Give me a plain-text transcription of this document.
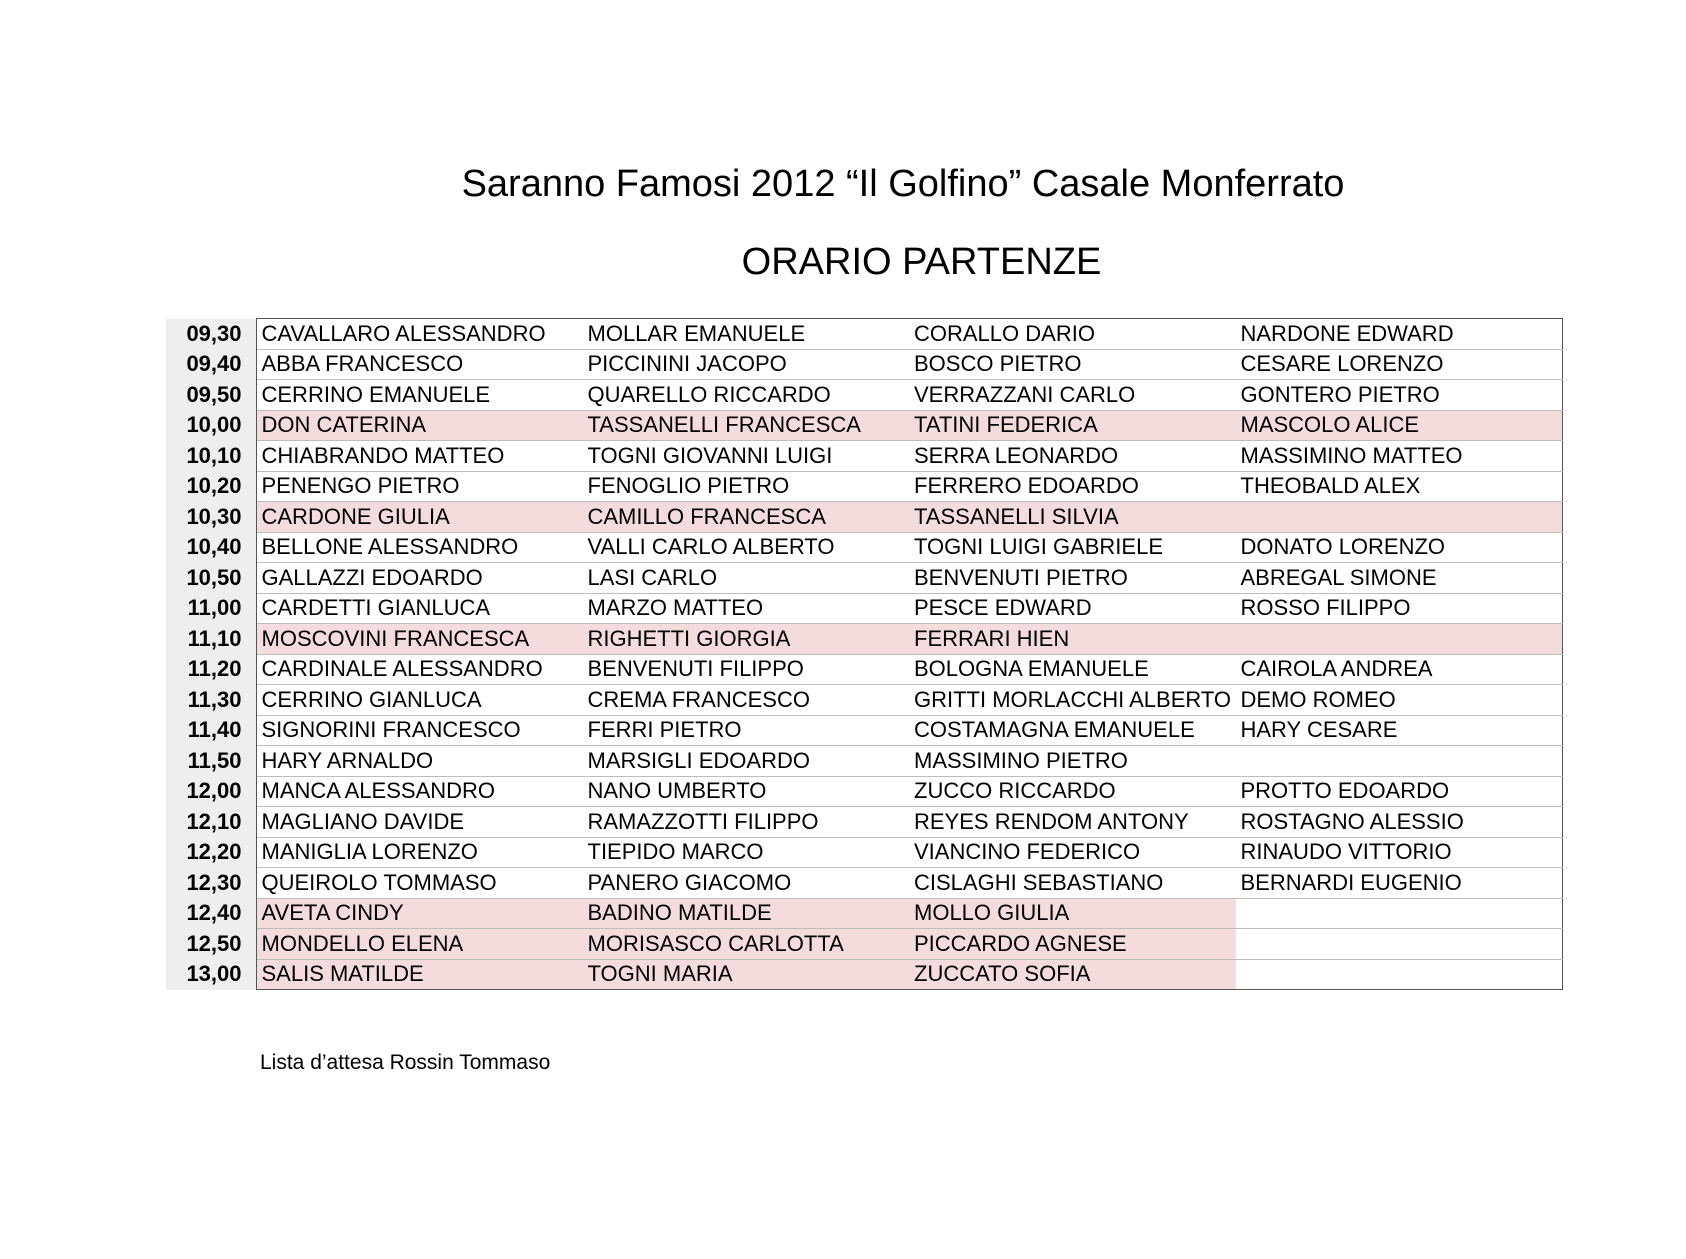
Saranno Famosi 2012 “Il Golfino” Casale Monferrato
ORARIO PARTENZE
09,30	CAVALLARO ALESSANDRO	MOLLAR EMANUELE	CORALLO DARIO	NARDONE EDWARD
09,40	ABBA FRANCESCO	PICCININI JACOPO	BOSCO PIETRO	CESARE LORENZO
09,50	CERRINO EMANUELE	QUARELLO RICCARDO	VERRAZZANI CARLO	GONTERO PIETRO
10,00	DON CATERINA	TASSANELLI FRANCESCA	TATINI FEDERICA	MASCOLO ALICE
10,10	CHIABRANDO MATTEO	TOGNI GIOVANNI LUIGI	SERRA LEONARDO	MASSIMINO MATTEO
10,20	PENENGO PIETRO	FENOGLIO PIETRO	FERRERO EDOARDO	THEOBALD ALEX
10,30	CARDONE GIULIA	CAMILLO FRANCESCA	TASSANELLI SILVIA	
10,40	BELLONE ALESSANDRO	VALLI CARLO ALBERTO	TOGNI LUIGI GABRIELE	DONATO LORENZO
10,50	GALLAZZI EDOARDO	LASI CARLO	BENVENUTI PIETRO	ABREGAL SIMONE
11,00	CARDETTI GIANLUCA	MARZO MATTEO	PESCE EDWARD	ROSSO FILIPPO
11,10	MOSCOVINI FRANCESCA	RIGHETTI GIORGIA	FERRARI HIEN	
11,20	CARDINALE ALESSANDRO	BENVENUTI FILIPPO	BOLOGNA EMANUELE	CAIROLA ANDREA
11,30	CERRINO GIANLUCA	CREMA FRANCESCO	GRITTI MORLACCHI ALBERTO	DEMO ROMEO
11,40	SIGNORINI FRANCESCO	FERRI PIETRO	COSTAMAGNA EMANUELE	HARY CESARE
11,50	HARY ARNALDO	MARSIGLI EDOARDO	MASSIMINO PIETRO	
12,00	MANCA ALESSANDRO	NANO UMBERTO	ZUCCO RICCARDO	PROTTO EDOARDO
12,10	MAGLIANO DAVIDE	RAMAZZOTTI FILIPPO	REYES RENDOM ANTONY	ROSTAGNO ALESSIO
12,20	MANIGLIA LORENZO	TIEPIDO MARCO	VIANCINO FEDERICO	RINAUDO VITTORIO
12,30	QUEIROLO TOMMASO	PANERO GIACOMO	CISLAGHI SEBASTIANO	BERNARDI EUGENIO
12,40	AVETA CINDY	BADINO MATILDE	MOLLO GIULIA	
12,50	MONDELLO ELENA	MORISASCO CARLOTTA	PICCARDO AGNESE	
13,00	SALIS MATILDE	TOGNI MARIA	ZUCCATO SOFIA	
Lista d’attesa Rossin Tommaso
